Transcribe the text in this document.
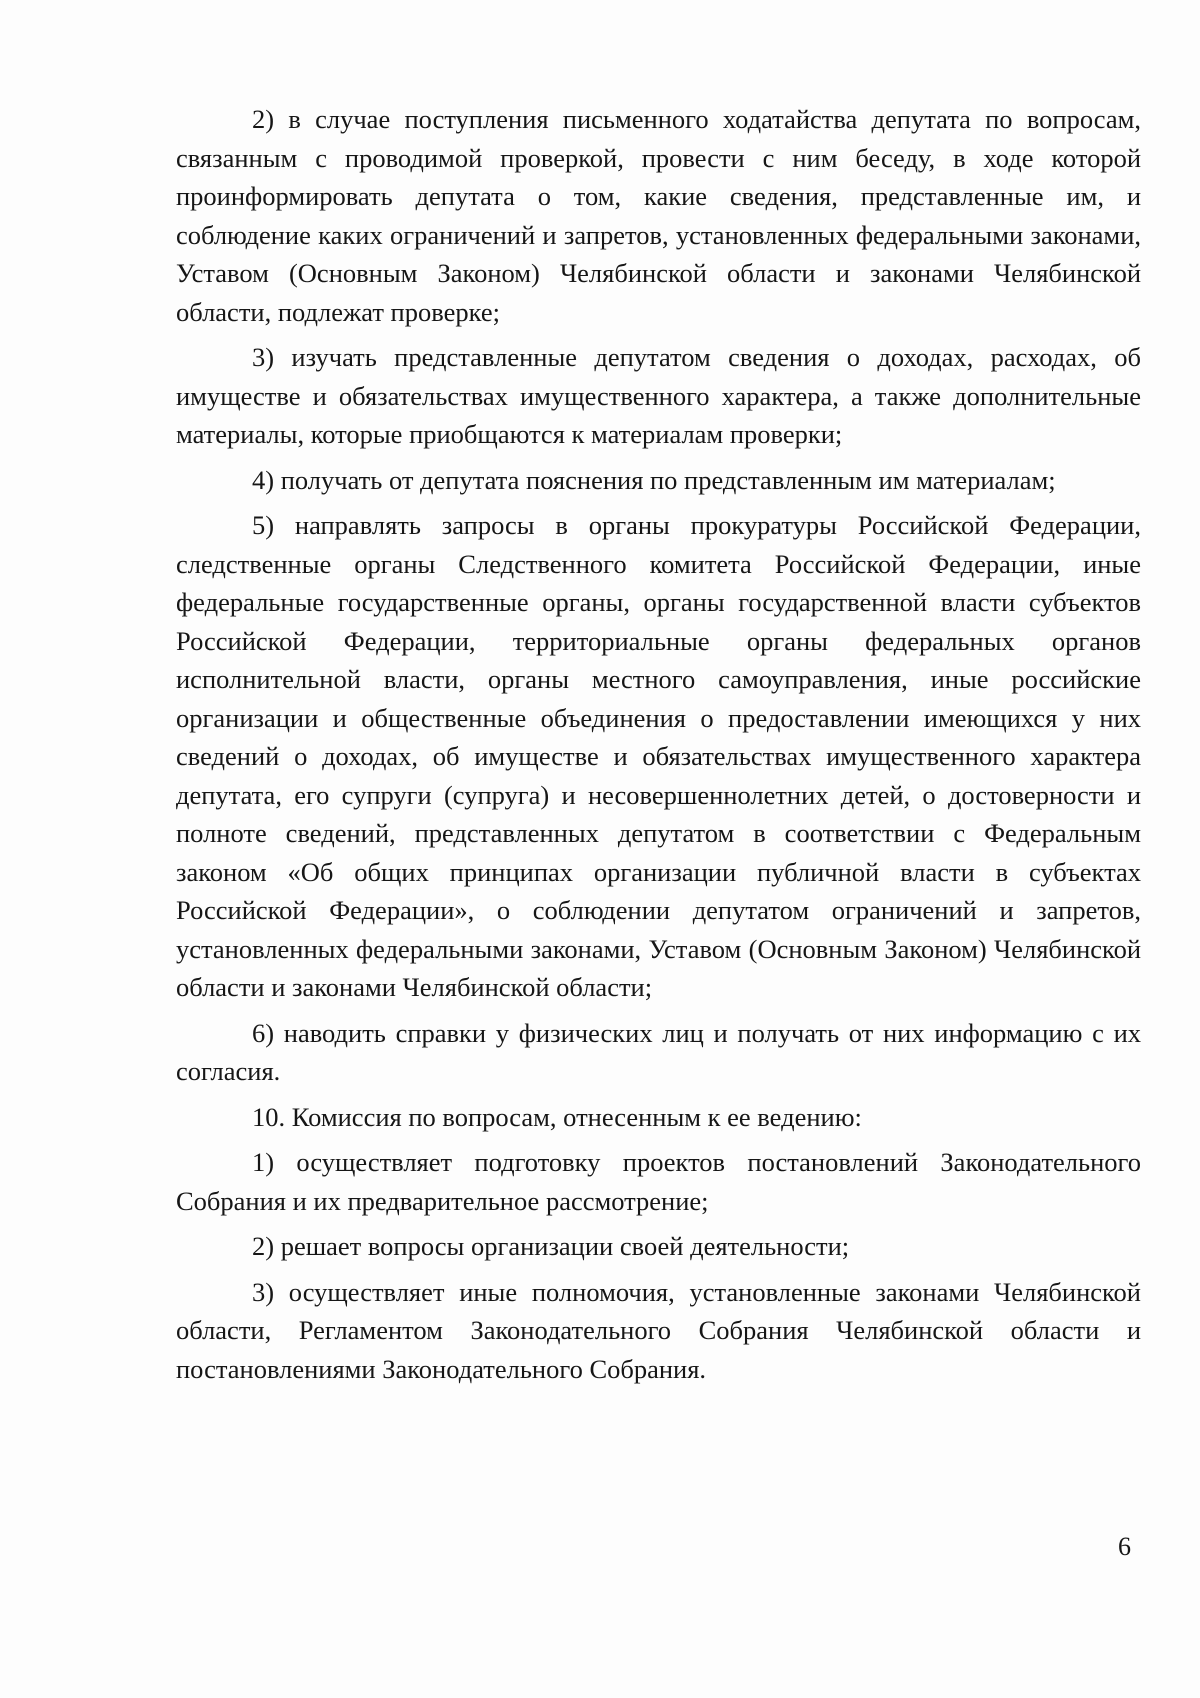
2) в случае поступления письменного ходатайства депутата по вопросам, связанным с проводимой проверкой, провести с ним беседу, в ходе которой проинформировать депутата о том, какие сведения, представленные им, и соблюдение каких ограничений и запретов, установленных федеральными законами, Уставом (Основным Законом) Челябинской области и законами Челябинской области, подлежат проверке;

3) изучать представленные депутатом сведения о доходах, расходах, об имуществе и обязательствах имущественного характера, а также дополнительные материалы, которые приобщаются к материалам проверки;

4) получать от депутата пояснения по представленным им материалам;

5) направлять запросы в органы прокуратуры Российской Федерации, следственные органы Следственного комитета Российской Федерации, иные федеральные государственные органы, органы государственной власти субъектов Российской Федерации, территориальные органы федеральных органов исполнительной власти, органы местного самоуправления, иные российские организации и общественные объединения о предоставлении имеющихся у них сведений о доходах, об имуществе и обязательствах имущественного характера депутата, его супруги (супруга) и несовершеннолетних детей, о достоверности и полноте сведений, представленных депутатом в соответствии с Федеральным законом «Об общих принципах организации публичной власти в субъектах Российской Федерации», о соблюдении депутатом ограничений и запретов, установленных федеральными законами, Уставом (Основным Законом) Челябинской области и законами Челябинской области;

6) наводить справки у физических лиц и получать от них информацию с их согласия.

10. Комиссия по вопросам, отнесенным к ее ведению:

1) осуществляет подготовку проектов постановлений Законодательного Собрания и их предварительное рассмотрение;

2) решает вопросы организации своей деятельности;

3) осуществляет иные полномочия, установленные законами Челябинской области, Регламентом Законодательного Собрания Челябинской области и постановлениями Законодательного Собрания.

6
